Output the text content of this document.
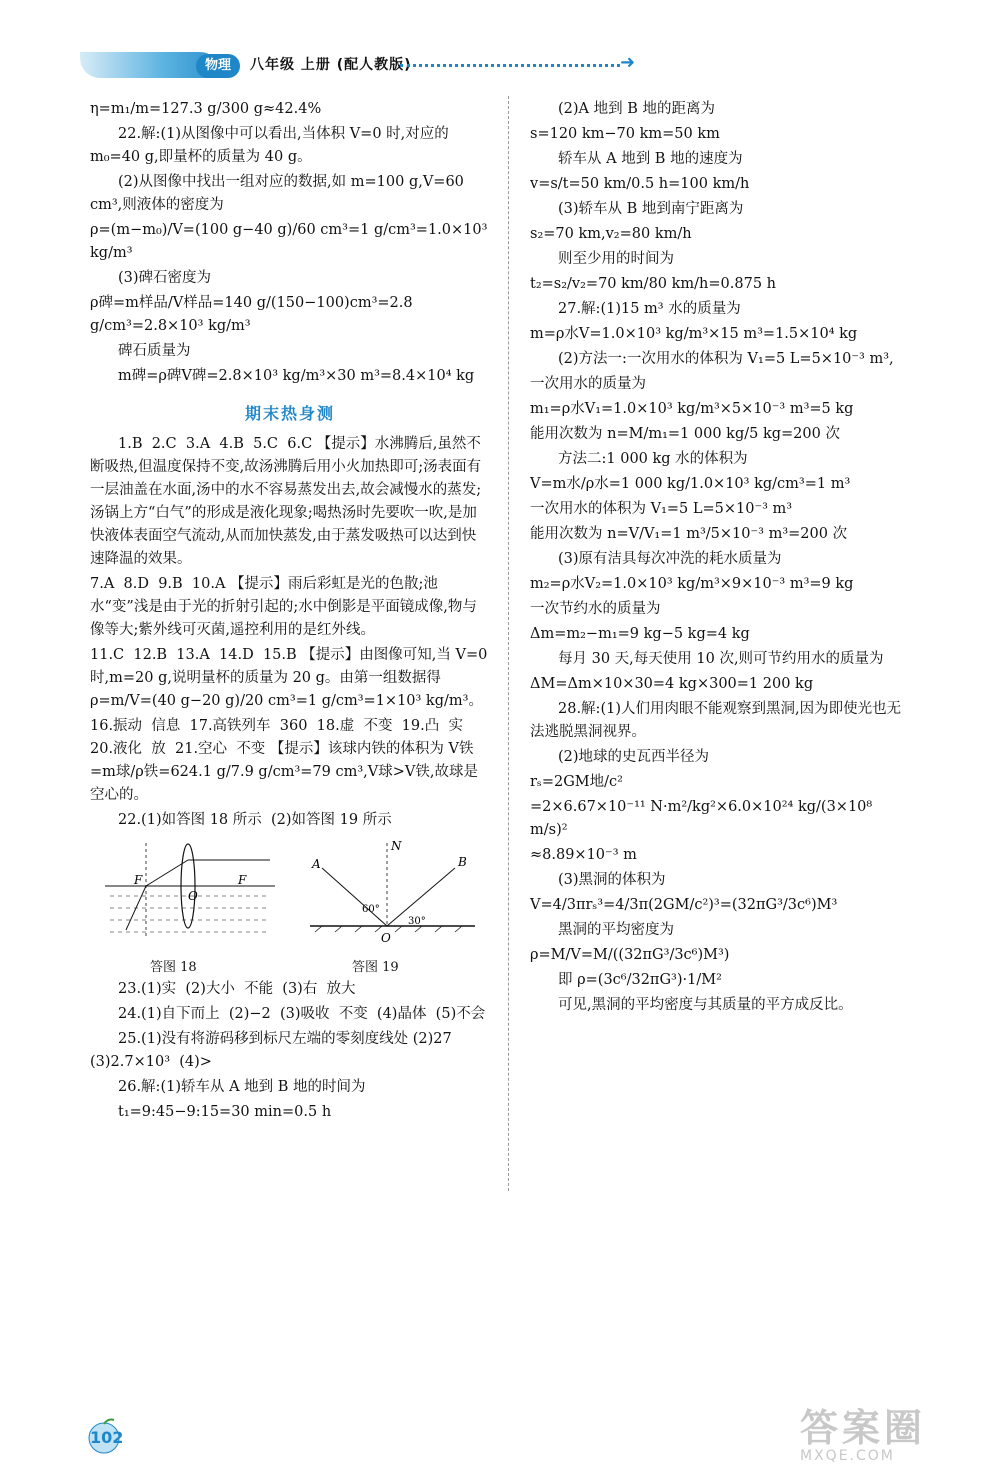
物理	八年级 上册 (配人教版)	➜

η=m₁/m=127.3 g/300 g≈42.4%

22.解:(1)从图像中可以看出,当体积 V=0 时,对应的 m₀=40 g,即量杯的质量为 40 g。

(2)从图像中找出一组对应的数据,如 m=100 g,V=60 cm³,则液体的密度为

ρ=(m−m₀)/V=(100 g−40 g)/60 cm³=1 g/cm³=1.0×10³ kg/m³

(3)碑石密度为

ρ碑=m样品/V样品=140 g/(150−100)cm³=2.8 g/cm³=2.8×10³ kg/m³

碑石质量为

m碑=ρ碑V碑=2.8×10³ kg/m³×30 m³=8.4×10⁴ kg

期末热身测

1.B  2.C  3.A  4.B  5.C  6.C 【提示】水沸腾后,虽然不断吸热,但温度保持不变,故汤沸腾后用小火加热即可;汤表面有一层油盖在水面,汤中的水不容易蒸发出去,故会减慢水的蒸发;汤锅上方“白气”的形成是液化现象;喝热汤时先要吹一吹,是加快液体表面空气流动,从而加快蒸发,由于蒸发吸热可以达到快速降温的效果。

7.A  8.D  9.B  10.A 【提示】雨后彩虹是光的色散;池水“变”浅是由于光的折射引起的;水中倒影是平面镜成像,物与像等大;紫外线可灭菌,遥控利用的是红外线。

11.C  12.B  13.A  14.D  15.B 【提示】由图像可知,当 V=0 时,m=20 g,说明量杯的质量为 20 g。由第一组数据得 ρ=m/V=(40 g−20 g)/20 cm³=1 g/cm³=1×10³ kg/m³。

16.振动  信息  17.高铁列车  360  18.虚  不变  19.凸  实  20.液化  放  21.空心  不变 【提示】该球内铁的体积为 V铁=m球/ρ铁=624.1 g/7.9 g/cm³=79 cm³,V球>V铁,故球是空心的。

22.(1)如答图 18 所示  (2)如答图 19 所示

F
O
F
A	B
N
O
60°
30°
答图 18	答图 19

23.(1)实  (2)大小  不能  (3)右  放大

24.(1)自下而上  (2)−2  (3)吸收  不变  (4)晶体  (5)不会

25.(1)没有将游码移到标尺左端的零刻度线处 (2)27  (3)2.7×10³  (4)>

26.解:(1)轿车从 A 地到 B 地的时间为

t₁=9:45−9:15=30 min=0.5 h

(2)A 地到 B 地的距离为

s=120 km−70 km=50 km

轿车从 A 地到 B 地的速度为

v=s/t=50 km/0.5 h=100 km/h

(3)轿车从 B 地到南宁距离为

s₂=70 km,v₂=80 km/h

则至少用的时间为

t₂=s₂/v₂=70 km/80 km/h=0.875 h

27.解:(1)15 m³ 水的质量为

m=ρ水V=1.0×10³ kg/m³×15 m³=1.5×10⁴ kg

(2)方法一:一次用水的体积为 V₁=5 L=5×10⁻³ m³,

一次用水的质量为

m₁=ρ水V₁=1.0×10³ kg/m³×5×10⁻³ m³=5 kg

能用次数为 n=M/m₁=1 000 kg/5 kg=200 次

方法二:1 000 kg 水的体积为

V=m水/ρ水=1 000 kg/1.0×10³ kg/cm³=1 m³

一次用水的体积为 V₁=5 L=5×10⁻³ m³

能用次数为 n=V/V₁=1 m³/5×10⁻³ m³=200 次

(3)原有洁具每次冲洗的耗水质量为

m₂=ρ水V₂=1.0×10³ kg/m³×9×10⁻³ m³=9 kg

一次节约水的质量为

Δm=m₂−m₁=9 kg−5 kg=4 kg

每月 30 天,每天使用 10 次,则可节约用水的质量为

ΔM=Δm×10×30=4 kg×300=1 200 kg

28.解:(1)人们用肉眼不能观察到黑洞,因为即使光也无法逃脱黑洞视界。

(2)地球的史瓦西半径为

rₛ=2GM地/c²

=2×6.67×10⁻¹¹ N·m²/kg²×6.0×10²⁴ kg/(3×10⁸ m/s)²

≈8.89×10⁻³ m

(3)黑洞的体积为

V=4/3πrₛ³=4/3π(2GM/c²)³=(32πG³/3c⁶)M³

黑洞的平均密度为

ρ=M/V=M/((32πG³/3c⁶)M³)

即 ρ=(3c⁶/32πG³)·1/M²

可见,黑洞的平均密度与其质量的平方成反比。

102	答案圈
MXQE.COM
